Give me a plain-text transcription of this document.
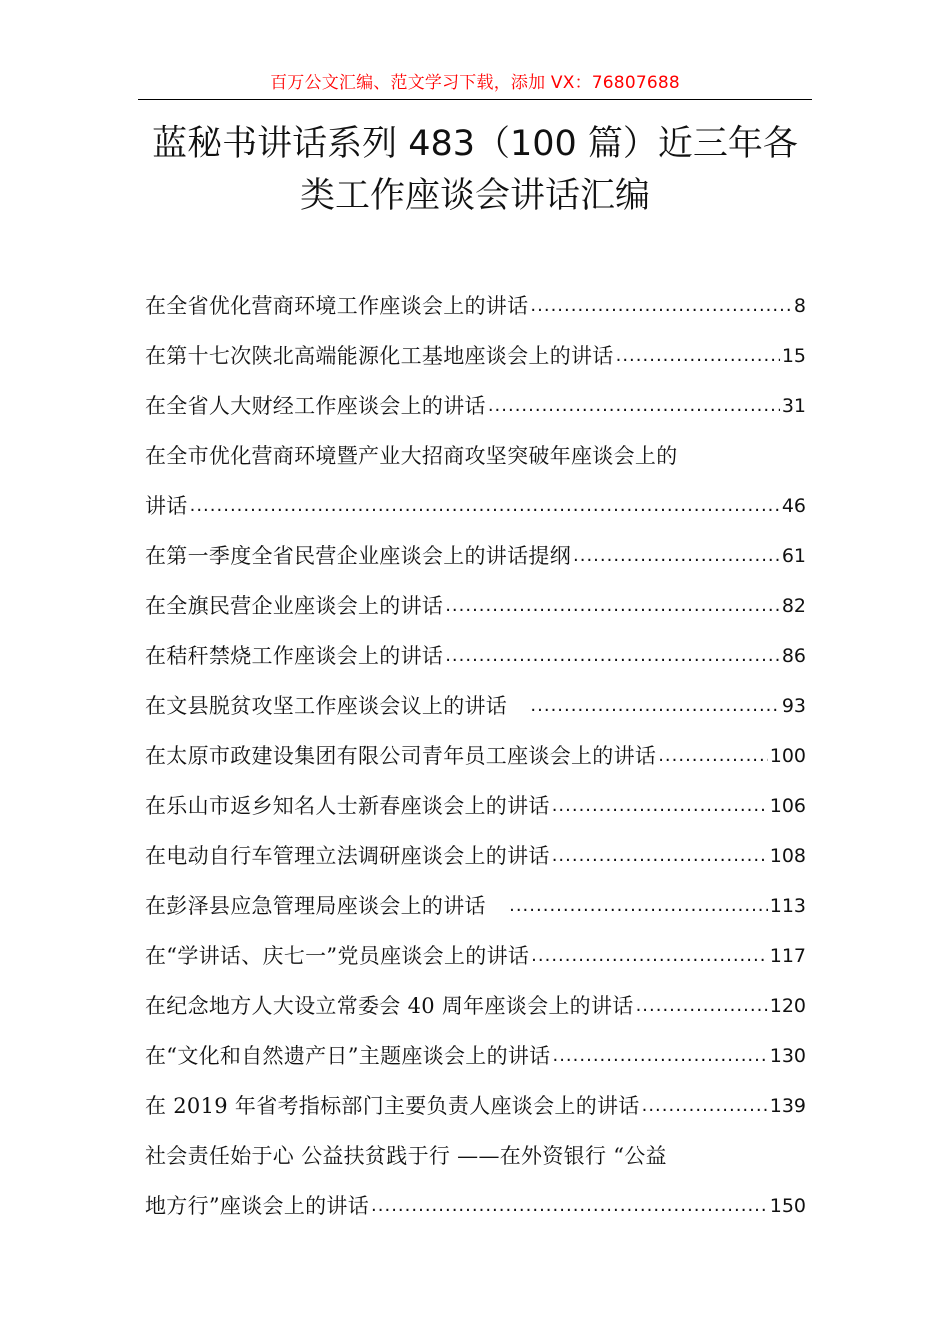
百万公文汇编、范文学习下载，添加 VX：76807688
蓝秘书讲话系列 483（100 篇）近三年各
类工作座谈会讲话汇编
在全省优化营商环境工作座谈会上的讲话 .....	8
在第十七次陕北高端能源化工基地座谈会上的讲话 .....	15
在全省人大财经工作座谈会上的讲话 .....	31
在全市优化营商环境暨产业大招商攻坚突破年座谈会上的
讲话 .....	46
在第一季度全省民营企业座谈会上的讲话提纲 .....	61
在全旗民营企业座谈会上的讲话 .....	82
在秸秆禁烧工作座谈会上的讲话 .....	86
在文县脱贫攻坚工作座谈会议上的讲话　 .....	93
在太原市政建设集团有限公司青年员工座谈会上的讲话 .....	100
在乐山市返乡知名人士新春座谈会上的讲话 .....	106
在电动自行车管理立法调研座谈会上的讲话 .....	108
在彭泽县应急管理局座谈会上的讲话　 .....	113
在“学讲话、庆七一”党员座谈会上的讲话 .....	117
在纪念地方人大设立常委会 40 周年座谈会上的讲话 .....	120
在“文化和自然遗产日”主题座谈会上的讲话 .....	130
在 2019 年省考指标部门主要负责人座谈会上的讲话 .....	139
社会责任始于心 公益扶贫践于行 ——在外资银行 “公益
地方行”座谈会上的讲话 .....	150
